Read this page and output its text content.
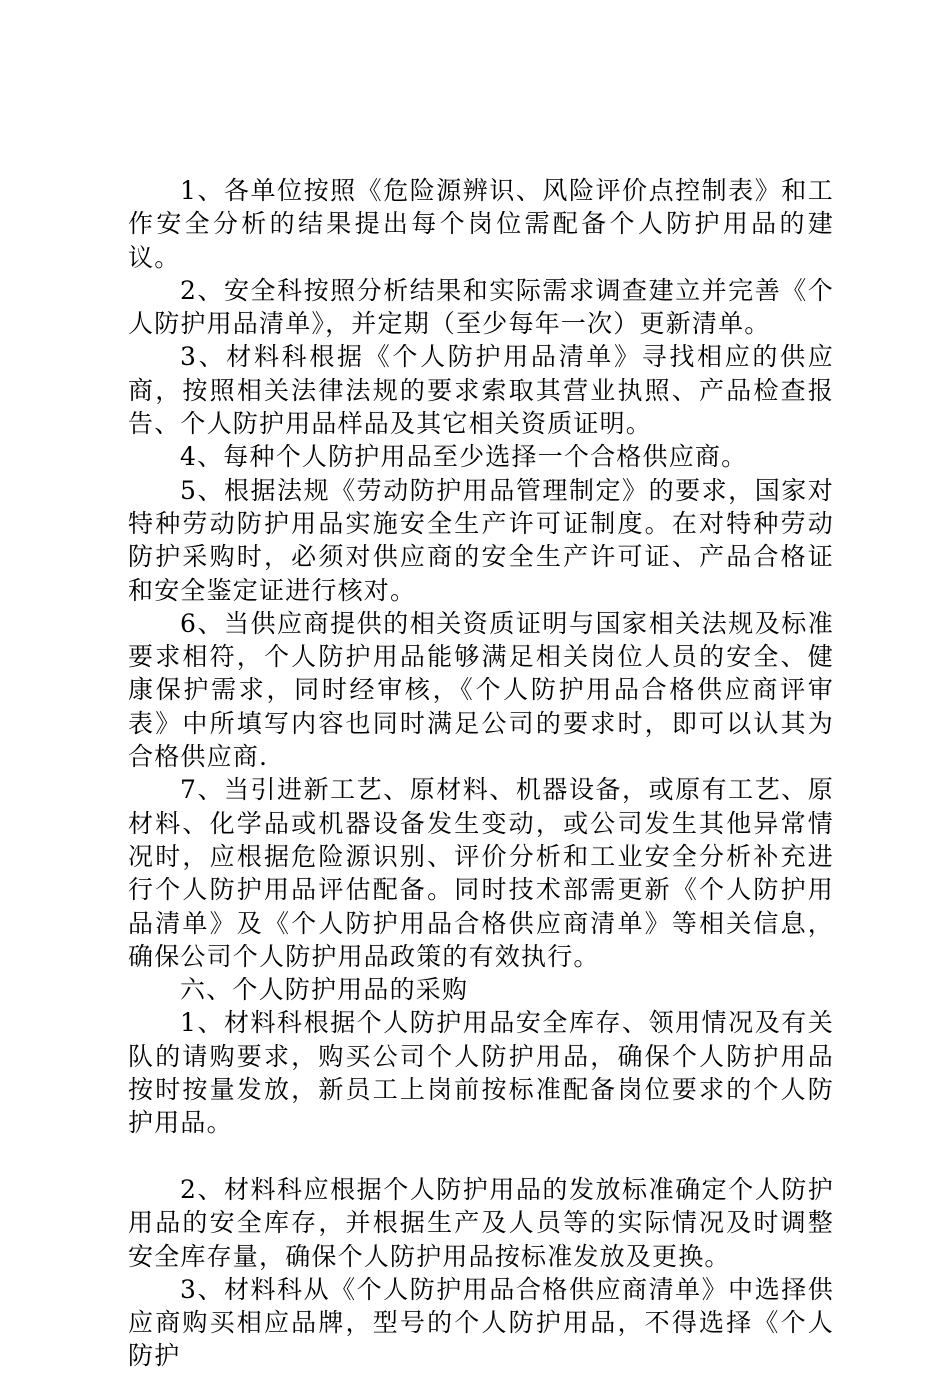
1、各单位按照《危险源辨识、风险评价点控制表》和工作安全分析的结果提出每个岗位需配备个人防护用品的建议。

2、安全科按照分析结果和实际需求调查建立并完善《个人防护用品清单》，并定期（至少每年一次）更新清单。

3、材料科根据《个人防护用品清单》寻找相应的供应商，按照相关法律法规的要求索取其营业执照、产品检查报告、个人防护用品样品及其它相关资质证明。

4、每种个人防护用品至少选择一个合格供应商。

5、根据法规《劳动防护用品管理制定》的要求，国家对特种劳动防护用品实施安全生产许可证制度。在对特种劳动防护采购时，必须对供应商的安全生产许可证、产品合格证和安全鉴定证进行核对。

6、当供应商提供的相关资质证明与国家相关法规及标准要求相符，个人防护用品能够满足相关岗位人员的安全、健康保护需求，同时经审核，《个人防护用品合格供应商评审表》中所填写内容也同时满足公司的要求时，即可以认其为合格供应商.

7、当引进新工艺、原材料、机器设备，或原有工艺、原材料、化学品或机器设备发生变动，或公司发生其他异常情况时，应根据危险源识别、评价分析和工业安全分析补充进行个人防护用品评估配备。同时技术部需更新《个人防护用品清单》及《个人防护用品合格供应商清单》等相关信息，确保公司个人防护用品政策的有效执行。

六、个人防护用品的采购

1、材料科根据个人防护用品安全库存、领用情况及有关队的请购要求，购买公司个人防护用品，确保个人防护用品按时按量发放，新员工上岗前按标准配备岗位要求的个人防护用品。

2、材料科应根据个人防护用品的发放标准确定个人防护用品的安全库存，并根据生产及人员等的实际情况及时调整安全库存量，确保个人防护用品按标准发放及更换。

3、材料科从《个人防护用品合格供应商清单》中选择供应商购买相应品牌，型号的个人防护用品，不得选择《个人防护
